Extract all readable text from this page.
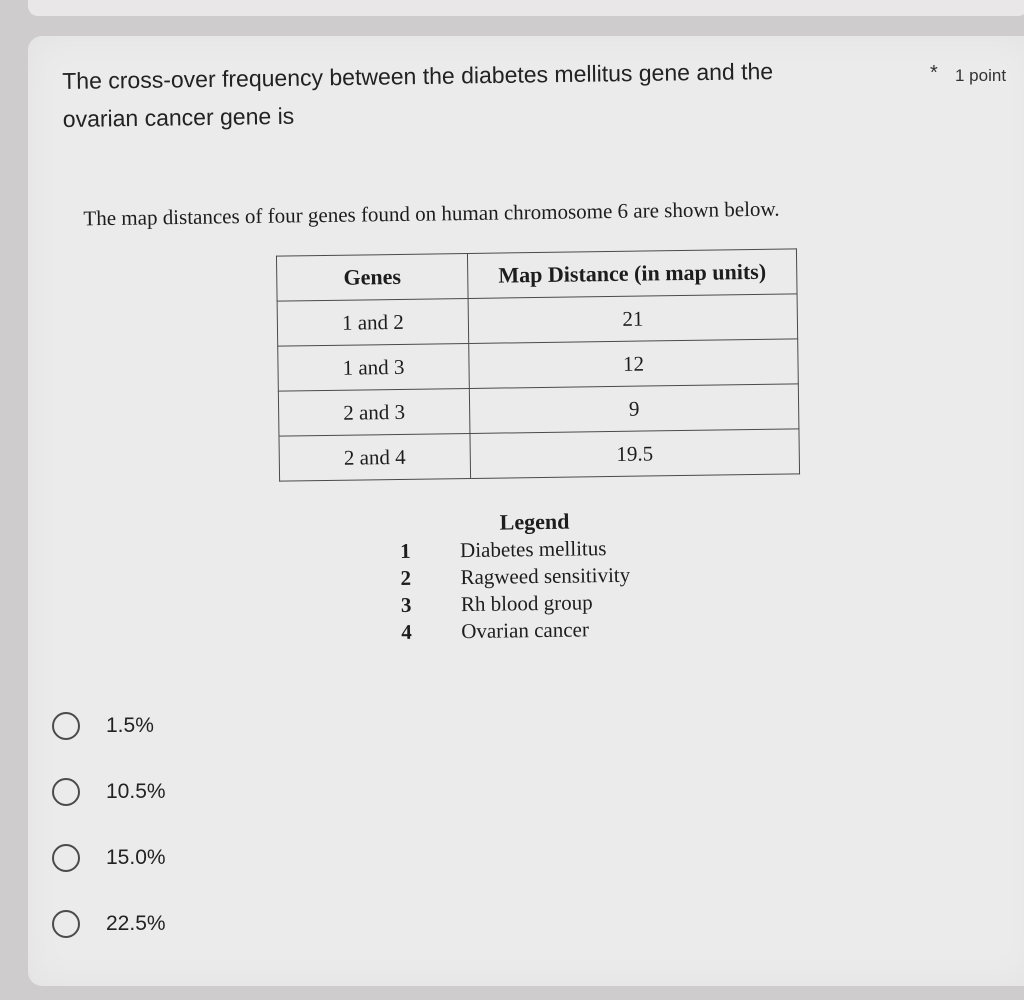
The cross-over frequency between the diabetes mellitus gene and the
ovarian cancer gene is
* 1 point
The map distances of four genes found on human chromosome 6 are shown below.
Genes	Map Distance (in map units)
1 and 2	21
1 and 3	12
2 and 3	9
2 and 4	19.5
Legend
1	Diabetes mellitus
2	Ragweed sensitivity
3	Rh blood group
4	Ovarian cancer
1.5%
10.5%
15.0%
22.5%
